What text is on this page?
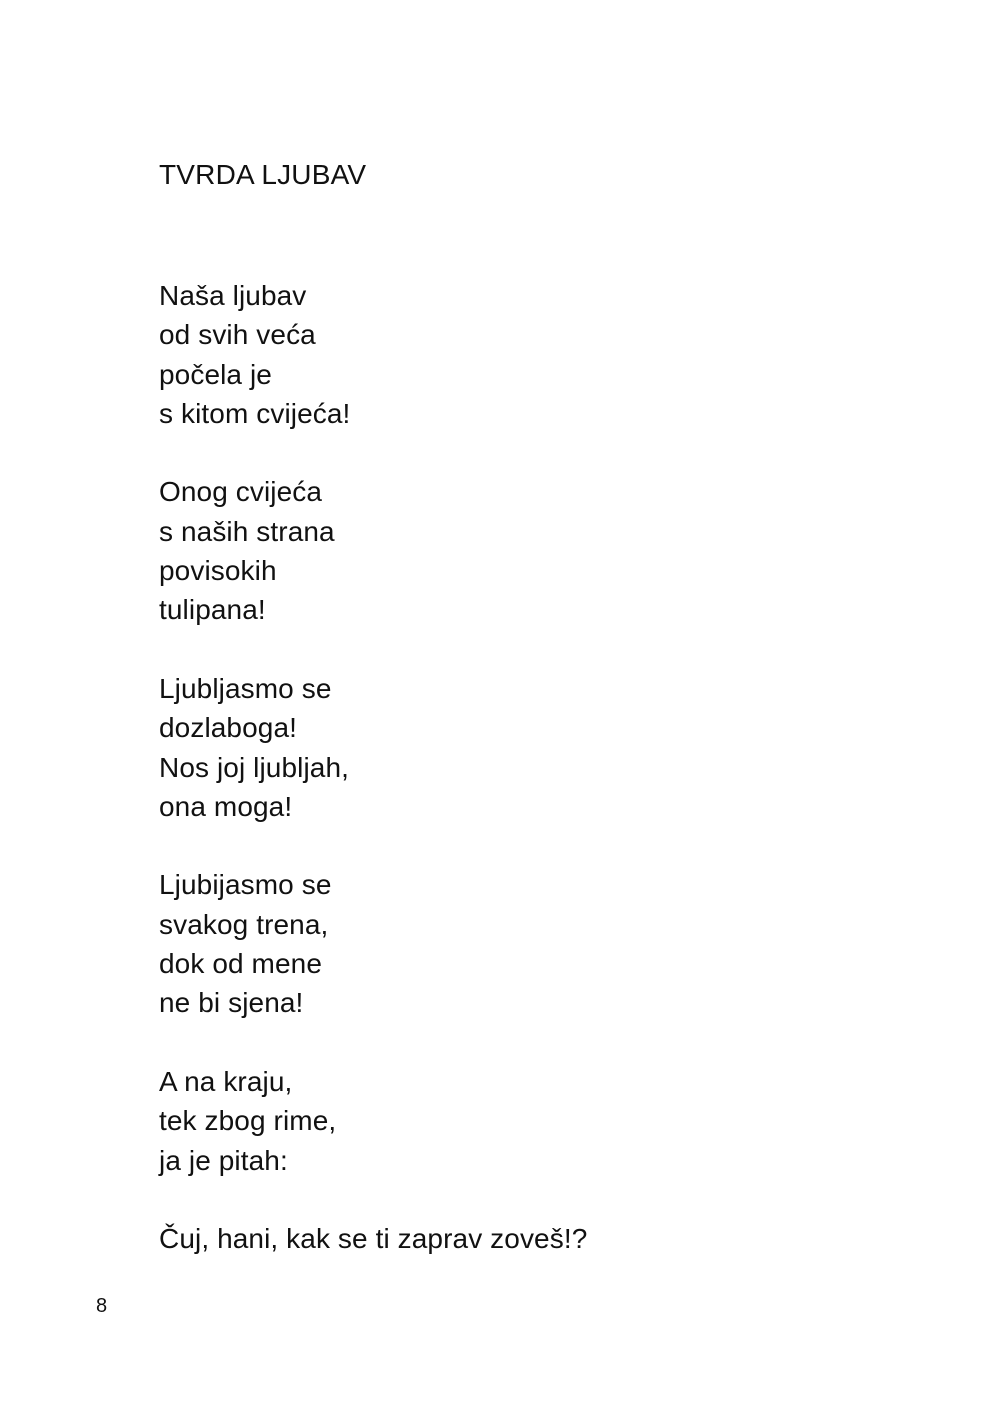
TVRDA LJUBAV
Naša ljubav
od svih veća
počela je
s kitom cvijeća!
Onog cvijeća
s naših strana
povisokih
tulipana!
Ljubljasmo se
dozlaboga!
Nos joj ljubljah,
ona moga!
Ljubijasmo se
svakog trena,
dok od mene
ne bi sjena!
A na kraju,
tek zbog rime,
ja je pitah:
Čuj, hani, kak se ti zaprav zoveš!?
8
